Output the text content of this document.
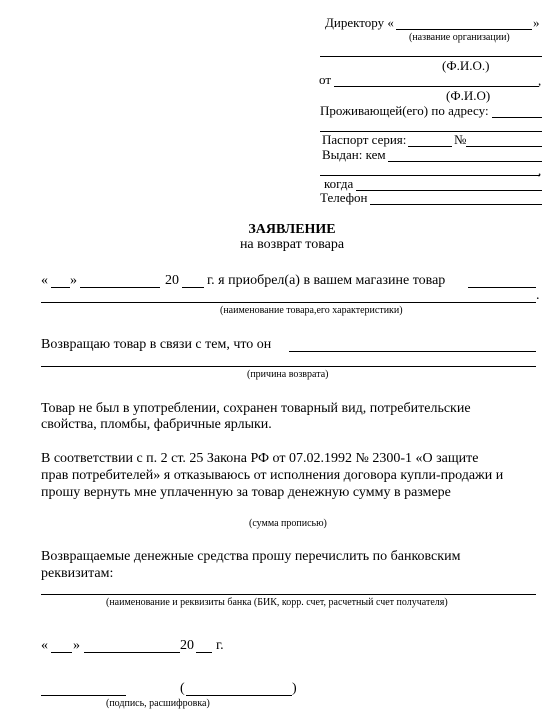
Директору «	»
(название организации)
(Ф.И.О.)
от	,
(Ф.И.О)
Проживающей(его) по адресу:
Паспорт серия:	№
Выдан: кем
,
когда
Телефон
ЗАЯВЛЕНИЕ
на возврат товара
« »	20 г. я приобрел(а) в вашем магазине товар
.
(наименование товара,его характеристики)
Возвращаю товар в связи с тем, что он
(причина возврата)
Товар не был в употреблении, сохранен товарный вид, потребительские
свойства, пломбы, фабричные ярлыки.
В соответствии с п. 2 ст. 25 Закона РФ от 07.02.1992 № 2300-1 «О защите
прав потребителей» я отказываюсь от исполнения договора купли-продажи и
прошу вернуть мне уплаченную за товар денежную сумму в размере
(сумма прописью)
Возвращаемые денежные средства прошу перечислить по банковским
реквизитам:
(наименование и реквизиты банка (БИК, корр. счет, расчетный счет получателя)
« »	20 г.
(	)
(подпись, расшифровка)
